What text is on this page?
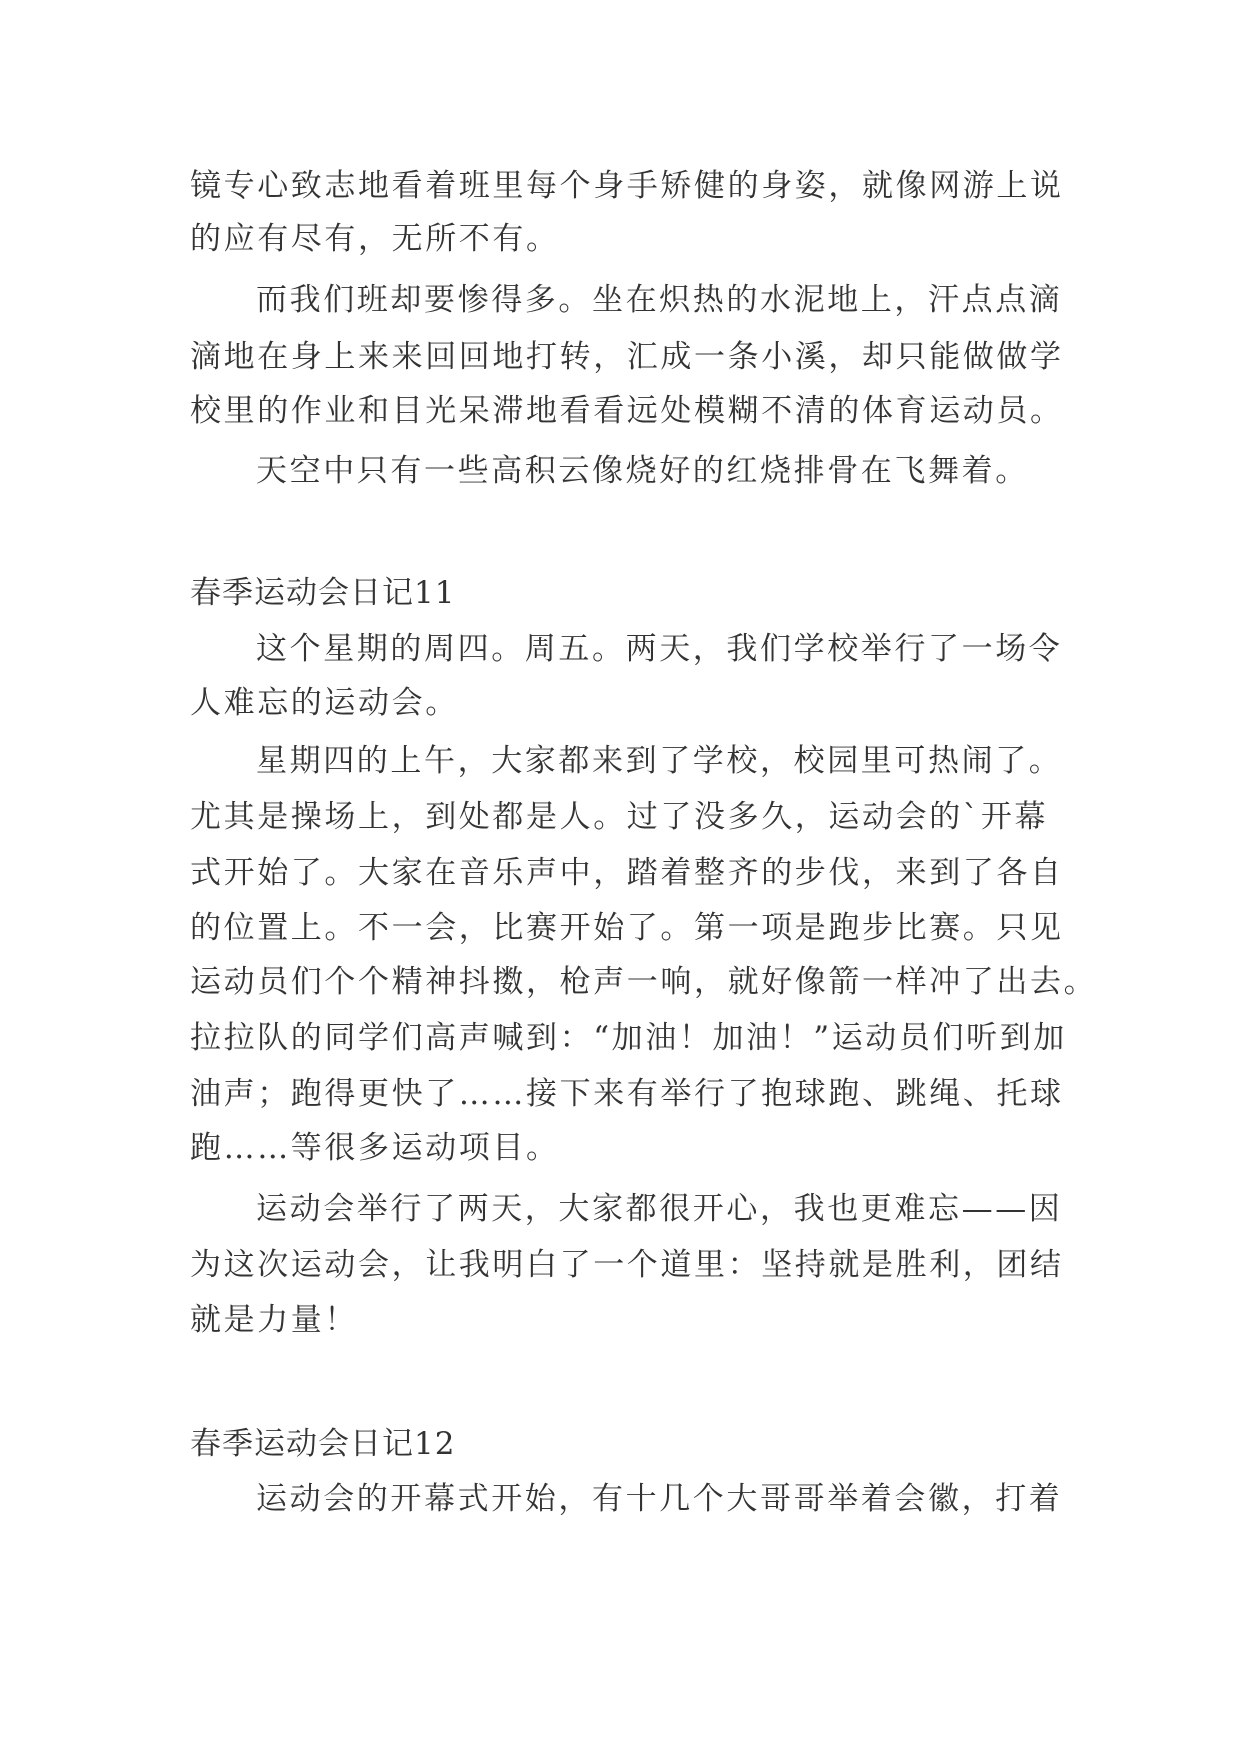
镜专心致志地看着班里每个身手矫健的身姿，就像网游上说
的应有尽有，无所不有。
而我们班却要惨得多。坐在炽热的水泥地上，汗点点滴
滴地在身上来来回回地打转，汇成一条小溪，却只能做做学
校里的作业和目光呆滞地看看远处模糊不清的体育运动员。
天空中只有一些高积云像烧好的红烧排骨在飞舞着。
春季运动会日记11
这个星期的周四。周五。两天，我们学校举行了一场令
人难忘的运动会。
星期四的上午，大家都来到了学校，校园里可热闹了。
尤其是操场上，到处都是人。过了没多久，运动会的`开幕
式开始了。大家在音乐声中，踏着整齐的步伐，来到了各自
的位置上。不一会，比赛开始了。第一项是跑步比赛。只见
运动员们个个精神抖擞，枪声一响，就好像箭一样冲了出去。
拉拉队的同学们高声喊到：“加油！加油！”运动员们听到加
油声；跑得更快了……接下来有举行了抱球跑、跳绳、托球
跑……等很多运动项目。
运动会举行了两天，大家都很开心，我也更难忘——因
为这次运动会，让我明白了一个道里：坚持就是胜利，团结
就是力量！
春季运动会日记12
运动会的开幕式开始，有十几个大哥哥举着会徽，打着
